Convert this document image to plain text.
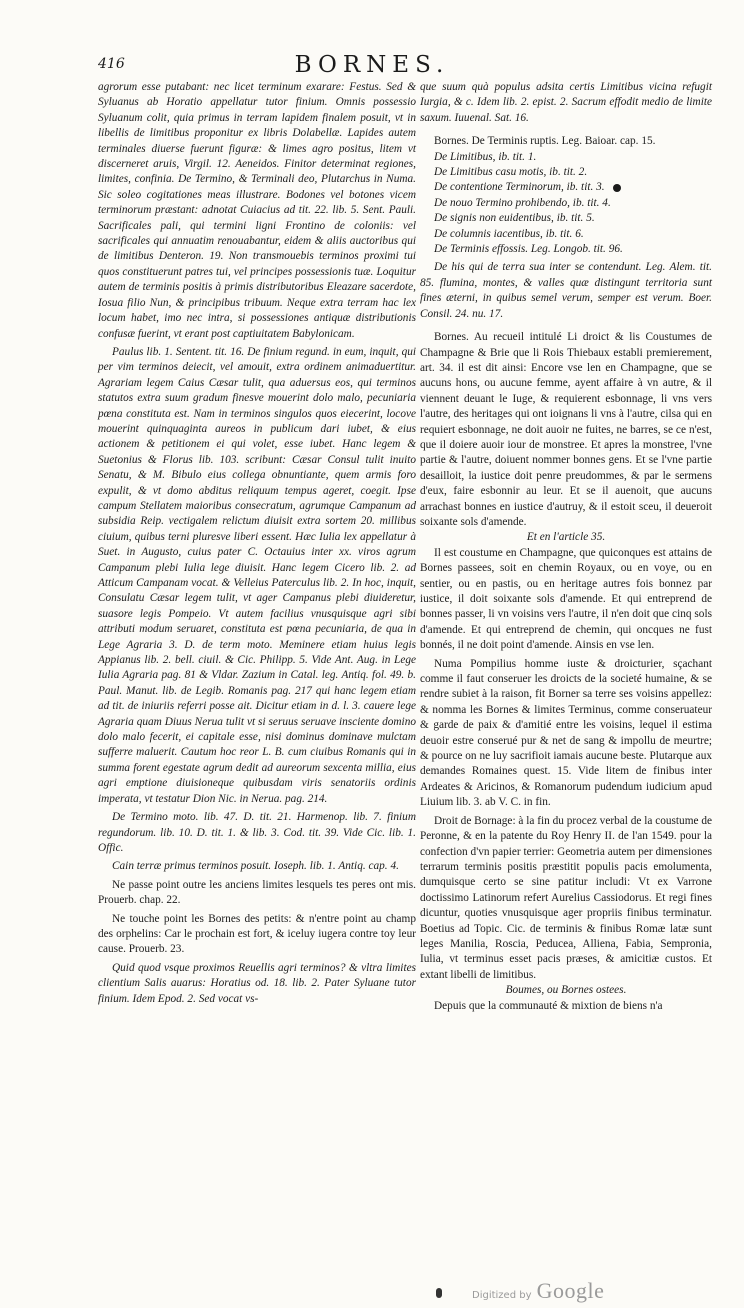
416	BORNES.

agrorum esse putabant: nec licet terminum exarare: Festus. Sed & Syluanus ab Horatio appellatur tutor finium. Omnis possessio Syluanum colit, quia primus in terram lapidem finalem posuit, vt in libellis de limitibus proponitur ex libris Dolabellæ. Lapides autem terminales diuerse fuerunt figuræ: & limes agro positus, litem vt discerneret aruis, Virgil. 12. Aeneidos. Finitor determinat regiones, limites, confinia. De Termino, & Terminali deo, Plutarchus in Numa. Sic soleo cogitationes meas illustrare. Bodones vel botones vicem terminorum præstant: adnotat Cuiacius ad tit. 22. lib. 5. Sent. Pauli. Sacrificales pali, qui termini ligni Frontino de coloniis: vel sacrificales qui annuatim renouabantur, eidem & aliis auctoribus qui de limitibus Denteron. 19. Non transmouebis terminos proximi tui quos constituerunt patres tui, vel principes possessionis tuæ. Loquitur autem de terminis positis à primis distributoribus Eleazare sacerdote, Iosua filio Nun, & principibus tribuum. Neque extra terram hac lex locum habet, imo nec intra, si possessiones antiquæ distributionis confusæ fuerint, vt erant post captiuitatem Babylonicam.

Paulus lib. 1. Sentent. tit. 16. De finium regund. in eum, inquit, qui per vim terminos deiecit, vel amouit, extra ordinem animaduertitur. Agrariam legem Caius Cæsar tulit, qua aduersus eos, qui terminos statutos extra suum gradum finesve mouerint dolo malo, pecuniaria pœna constituta est. Nam in terminos singulos quos eiecerint, locove mouerint quinquaginta aureos in publicum dari iubet, & eius actionem & petitionem ei qui volet, esse iubet. Hanc legem & Suetonius & Florus lib. 103. scribunt: Cæsar Consul tulit inuito Senatu, & M. Bibulo eius collega obnuntiante, quem armis foro expulit, & vt domo abditus reliquum tempus ageret, coegit. Ipse campum Stellatem maioribus consecratum, agrumque Campanum ad subsidia Reip. vectigalem relictum diuisit extra sortem 20. millibus ciuium, quibus terni pluresve liberi essent. Hæc Iulia lex appellatur à Suet. in Augusto, cuius pater C. Octauius inter xx. viros agrum Campanum plebi Iulia lege diuisit. Hanc legem Cicero lib. 2. ad Atticum Campanam vocat. & Velleius Paterculus lib. 2. In hoc, inquit, Consulatu Cæsar legem tulit, vt ager Campanus plebi diuideretur, suasore legis Pompeio. Vt autem facilius vnusquisque agri sibi attributi modum seruaret, constituta est pœna pecuniaria, de qua in Lege Agraria 3. D. de term moto. Meminere etiam huius legis Appianus lib. 2. bell. ciuil. & Cic. Philipp. 5. Vide Ant. Aug. in Lege Iulia Agraria pag. 81 & Vldar. Zazium in Catal. leg. Antiq. fol. 49. b. Paul. Manut. lib. de Legib. Romanis pag. 217 qui hanc legem etiam ad tit. de iniuriis referri posse ait. Dicitur etiam in d. l. 3. cauere lege Agraria quam Diuus Nerua tulit vt si seruus seruave insciente domino dolo malo fecerit, ei capitale esse, nisi dominus dominave mulctam sufferre maluerit. Cautum hoc reor L. B. cum ciuibus Romanis qui in summa forent egestate agrum dedit ad aureorum sexcenta millia, eius agri emptione diuisioneque quibusdam viris senatoriis ordinis imperata, vt testatur Dion Nic. in Nerua. pag. 214.

De Termino moto. lib. 47. D. tit. 21. Harmenop. lib. 7. finium regundorum. lib. 10. D. tit. 1. & lib. 3. Cod. tit. 39. Vide Cic. lib. 1. Offic.

Cain terræ primus terminos posuit. Ioseph. lib. 1. Antiq. cap. 4.

Ne passe point outre les anciens limites lesquels tes peres ont mis. Prouerb. chap. 22.

Ne touche point les Bornes des petits: & n'entre point au champ des orphelins: Car le prochain est fort, & iceluy iugera contre toy leur cause. Prouerb. 23.

Quid quod vsque proximos Reuellis agri terminos? & vltra limites clientium Salis auarus: Horatius od. 18. lib. 2. Pater Syluane tutor finium. Idem Epod. 2. Sed vocat vs-

que suum quà populus adsita certis Limitibus vicina refugit Iurgia, & c. Idem lib. 2. epist. 2. Sacrum effodit medio de limite saxum. Iuuenal. Sat. 16.

Bornes. De Terminis ruptis. Leg. Baioar. cap. 15.

De Limitibus, ib. tit. 1.

De Limitibus casu motis, ib. tit. 2.

De contentione Terminorum, ib. tit. 3.

De nouo Termino prohibendo, ib. tit. 4.

De signis non euidentibus, ib. tit. 5.

De columnis iacentibus, ib. tit. 6.

De Terminis effossis. Leg. Longob. tit. 96.

De his qui de terra sua inter se contendunt. Leg. Alem. tit. 85. flumina, montes, & valles quæ distingunt territoria sunt fines æterni, in quibus semel verum, semper est verum. Boer. Consil. 24. nu. 17.

Bornes. Au recueil intitulé Li droict & lis Coustumes de Champagne & Brie que li Rois Thiebaux establi premierement, art. 34. il est dit ainsi: Encore vse len en Champagne, que se aucuns hons, ou aucune femme, ayent affaire à vn autre, & il viennent deuant le Iuge, & requierent esbonnage, li vns vers l'autre, des heritages qui ont ioignans li vns à l'autre, cilsa qui en requiert esbonnage, ne doit auoir ne fuites, ne barres, se ce n'est, que il doiere auoir iour de monstree. Et apres la monstree, l'vne partie & l'autre, doiuent nommer bonnes gens. Et se l'vne partie desailloit, la iustice doit penre preudommes, & par le sermens d'eux, faire esbonnir au leur. Et se il auenoit, que aucuns arrachast bonnes en iustice d'autruy, & il estoit sceu, il deueroit soixante sols d'amende.

Et en l'article 35.

Il est coustume en Champagne, que quiconques est attains de Bornes passees, soit en chemin Royaux, ou en voye, ou en sentier, ou en pastis, ou en heritage autres fois bonnez par iustice, il doit soixante sols d'amende. Et qui entreprend de bonnes passer, li vn voisins vers l'autre, il n'en doit que cinq sols d'amende. Et qui entreprend de chemin, qui oncques ne fust bonnés, il ne doit point d'amende. Ainsis en vse len.

Numa Pompilius homme iuste & droicturier, sçachant comme il faut conseruer les droicts de la societé humaine, & se rendre subiet à la raison, fit Borner sa terre ses voisins appellez: & nomma les Bornes & limites Terminus, comme conseruateur & garde de paix & d'amitié entre les voisins, lequel il estima deuoir estre conserué pur & net de sang & impollu de meurtre; & pource on ne luy sacrifioit iamais aucune beste. Plutarque aux demandes Romaines quest. 15. Vide litem de finibus inter Ardeates & Aricinos, & Romanorum pudendum iudicium apud Liuium lib. 3. ab V. C. in fin.

Droit de Bornage: à la fin du procez verbal de la coustume de Peronne, & en la patente du Roy Henry II. de l'an 1549. pour la confection d'vn papier terrier: Geometria autem per dimensiones terrarum terminis positis præstitit populis pacis emolumenta, dumquisque certo se sine patitur includi: Vt ex Varrone doctissimo Latinorum refert Aurelius Cassiodorus. Et regi fines dicuntur, quoties vnusquisque ager propriis finibus terminatur. Boetius ad Topic. Cic. de terminis & finibus Romæ latæ sunt leges Manilia, Roscia, Peducea, Alliena, Fabia, Sempronia, Iulia, vt terminus esset pacis præses, & amicitiæ custos. Et extant libelli de limitibus.

Boumes, ou Bornes ostees.

Depuis que la communauté & mixtion de biens n'a

Digitized by Google
